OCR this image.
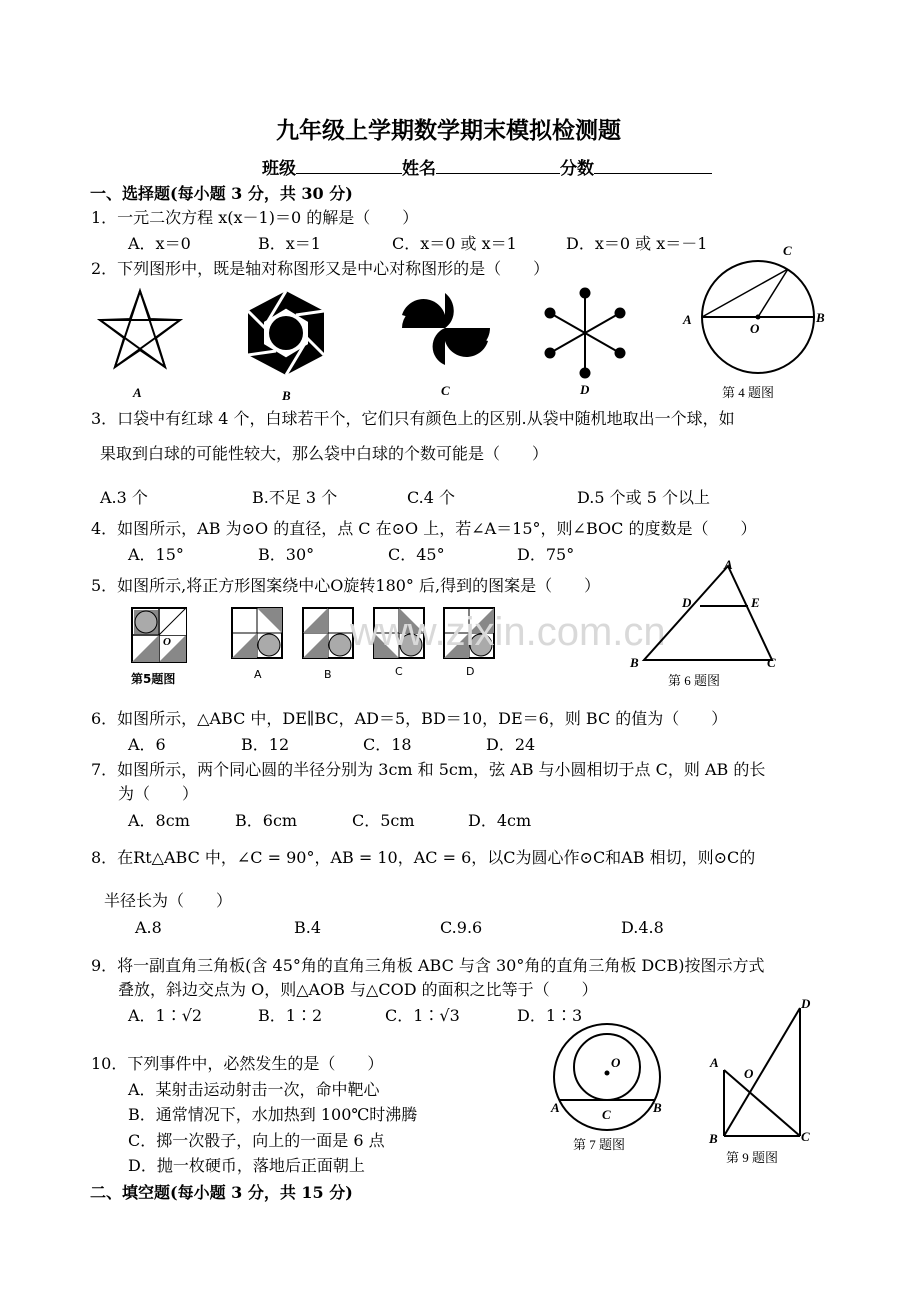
九年级上学期数学期末模拟检测题
班级	姓名	分数
一、选择题(每小题 3 分，共 30 分)
1．一元二次方程 x(x－1)＝0 的解是（　　）
A．x＝0	B．x＝1	C．x＝0 或 x＝1	D．x＝0 或 x＝－1
2．下列图形中，既是轴对称图形又是中心对称图形的是（　　）
A	B	C	D
C
A	B
O
第 4 题图
3．口袋中有红球 4 个，白球若干个，它们只有颜色上的区别.从袋中随机地取出一个球，如
果取到白球的可能性较大，那么袋中白球的个数可能是（　　）
A.3 个	B.不足 3 个	C.4 个	D.5 个或 5 个以上
4．如图所示，AB 为⊙O 的直径，点 C 在⊙O 上，若∠A＝15°，则∠BOC 的度数是（　　）
A．15°	B．30°	C．45°	D．75°
5．如图所示,将正方形图案绕中心O旋转180° 后,得到的图案是（　　）
O
第5题图	A	B	C	D
www.zixin.com.cn
A
D	E
B	C
第 6 题图
6．如图所示，△ABC 中，DE∥BC，AD＝5，BD＝10，DE＝6，则 BC 的值为（　　）
A．6	B．12	C．18	D．24
7．如图所示，两个同心圆的半径分别为 3cm 和 5cm，弦 AB 与小圆相切于点 C，则 AB 的长
为（　　）
A．8cm	B．6cm	C．5cm	D．4cm
8．在Rt△ABC 中，∠C = 90°，AB = 10，AC = 6，以C为圆心作⊙C和AB 相切，则⊙C的
半径长为（　　）
A.8	B.4	C.9.6	D.4.8
9．将一副直角三角板(含 45°角的直角三角板 ABC 与含 30°角的直角三角板 DCB)按图示方式
叠放，斜边交点为 O，则△AOB 与△COD 的面积之比等于（　　）
A．1∶√2	B．1∶2	C．1∶√3	D．1∶3
10．下列事件中，必然发生的是（　　）
A．某射击运动射击一次，命中靶心
B．通常情况下，水加热到 100℃时沸腾
C．掷一次骰子，向上的一面是 6 点
D．抛一枚硬币，落地后正面朝上
O
A	B
C
第 7 题图
D
A
O
B	C
第 9 题图
二、填空题(每小题 3 分，共 15 分)
